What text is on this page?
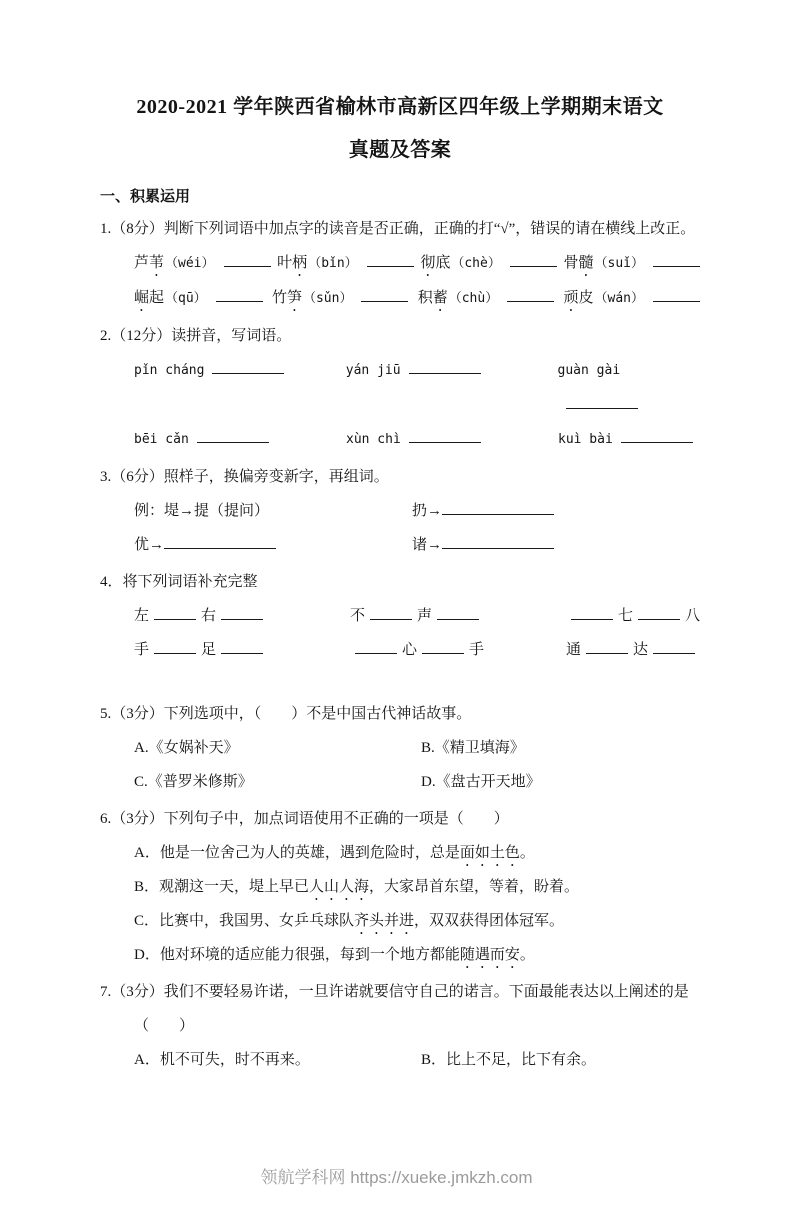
2020-2021 学年陕西省榆林市高新区四年级上学期期末语文
真题及答案
一、积累运用

1.（8分）判断下列词语中加点字的读音是否正确，正确的打“√”，错误的请在横线上改正。

芦苇（wéi）	叶柄（bǐn）	彻底（chè）	骨髓（suǐ）
崛起（qū）	竹笋（sǔn）	积蓄（chù）	顽皮（wán）

2.（12分）读拼音，写词语。

pǐn cháng	yán jiū	guàn gài
bēi cǎn	xùn chì	kuì bài

3.（6分）照样子，换偏旁变新字，再组词。

例：堤→提（提问）	扔→
优→	诸→

4．将下列词语补充完整

左	右	不	声	七	八
手	足	心	手	通	达

5.（3分）下列选项中，（　　）不是中国古代神话故事。

A.《女娲补天》	B.《精卫填海》
C.《普罗米修斯》	D.《盘古开天地》

6.（3分）下列句子中，加点词语使用不正确的一项是（　　）

A．他是一位舍己为人的英雄，遇到危险时，总是面如土色。

B．观潮这一天，堤上早已人山人海，大家昂首东望，等着，盼着。

C．比赛中，我国男、女乒乓球队齐头并进，双双获得团体冠军。

D．他对环境的适应能力很强，每到一个地方都能随遇而安。

7.（3分）我们不要轻易许诺，一旦许诺就要信守自己的诺言。下面最能表达以上阐述的是

（　　）
A．机不可失，时不再来。	B．比上不足，比下有余。
领航学科网 https://xueke.jmkzh.com
